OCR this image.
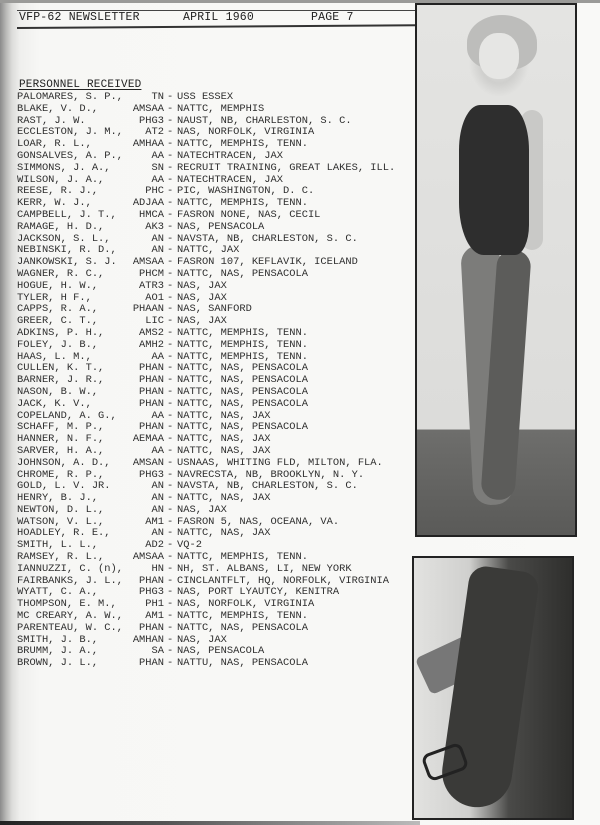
VFP-62 NEWSLETTER	APRIL 1960	PAGE 7
PERSONNEL RECEIVED
PALOMARES, S. P.,	TN - USS ESSEX
BLAKE, V. D.,	AMSAA - NATTC, MEMPHIS
RAST, J. W.	PHG3 - NAUST, NB, CHARLESTON, S. C.
ECCLESTON, J. M., AT2 - NAS, NORFOLK, VIRGINIA
LOAR, R. L.,	AMHAA - NATTC, MEMPHIS, TENN.
GONSALVES, A. P.,	AA - NATECHTRACEN, JAX
SIMMONS, J. A.,	SN - RECRUIT TRAINING, GREAT LAKES, ILL.
WILSON, J. A.,	AA - NATECHTRACEN, JAX
REESE, R. J.,	PHC - PIC, WASHINGTON, D. C.
KERR, W. J.,	ADJAA - NATTC, MEMPHIS, TENN.
CAMPBELL, J. T., HMCA - FASRON NONE, NAS, CECIL
RAMAGE, H. D.,	AK3 - NAS, PENSACOLA
JACKSON, S. L.,	AN - NAVSTA, NB, CHARLESTON, S. C.
NEBINSKI, R. D.,	AN - NATTC, JAX
JANKOWSKI, S. J. AMSAA - FASRON 107, KEFLAVIK, ICELAND
WAGNER, R. C.,	PHCM - NATTC, NAS, PENSACOLA
HOGUE, H. W.,	ATR3 - NAS, JAX
TYLER, H F.,	AO1 - NAS, JAX
CAPPS, R. A.,	PHAAN - NAS, SANFORD
GREER, C. T.,	LIC - NAS, JAX
ADKINS, P. H.,	AMS2 - NATTC, MEMPHIS, TENN.
FOLEY, J. B.,	AMH2 - NATTC, MEMPHIS, TENN.
HAAS, L. M.,	AA - NATTC, MEMPHIS, TENN.
CULLEN, K. T.,	PHAN - NATTC, NAS, PENSACOLA
BARNER, J. R.,	PHAN - NATTC, NAS, PENSACOLA
NASON, B. W.,	PHAN - NATTC, NAS, PENSACOLA
JACK, K. V.,	PHAN - NATTC, NAS, PENSACOLA
COPELAND, A. G.,	AA - NATTC, NAS, JAX
SCHAFF, M. P.,	PHAN - NATTC, NAS, PENSACOLA
HANNER, N. F.,	AEMAA - NATTC, NAS, JAX
SARVER, H. A.,	AA - NATTC, NAS, JAX
JOHNSON, A. D., AMSAN - USNAAS, WHITING FLD, MILTON, FLA.
CHROME, R. P.,	PHG3 - NAVRECSTA, NB, BROOKLYN, N. Y.
GOLD, L. V. JR.	AN - NAVSTA, NB, CHARLESTON, S. C.
HENRY, B. J.,	AN - NATTC, NAS, JAX
NEWTON, D. L.,	AN - NAS, JAX
WATSON, V. L.,	AM1 - FASRON 5, NAS, OCEANA, VA.
HOADLEY, R. E.,	AN - NATTC, NAS, JAX
SMITH, L. L.,	AD2 - VQ-2
RAMSEY, R. L.,	AMSAA - NATTC, MEMPHIS, TENN.
IANNUZZI, C. (n),	HN - NH, ST. ALBANS, LI, NEW YORK
FAIRBANKS, J. L., PHAN - CINCLANTFLT, HQ, NORFOLK, VIRGINIA
WYATT, C. A.,	PHG3 - NAS, PORT LYAUTCY, KENITRA
THOMPSON, E. M.,	PH1 - NAS, NORFOLK, VIRGINIA
MC CREARY, A. W., AM1 - NATTC, MEMPHIS, TENN.
PARENTEAU, W. C., PHAN - NATTC, NAS, PENSACOLA
SMITH, J. B.,	AMHAN - NAS, JAX
BRUMM, J. A.,	SA - NAS, PENSACOLA
BROWN, J. L.,	PHAN - NATTU, NAS, PENSACOLA
